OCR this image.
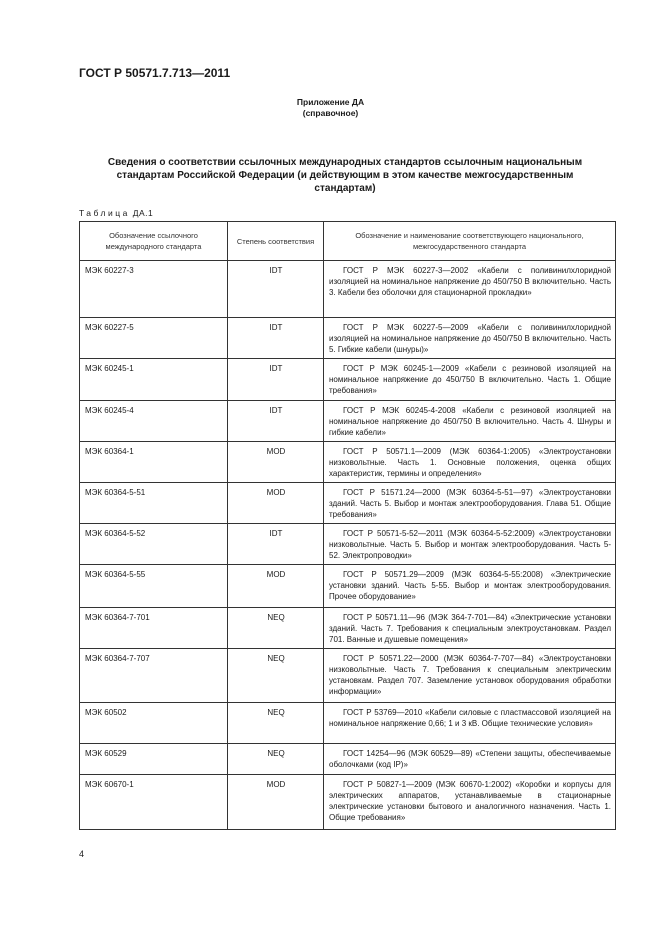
ГОСТ Р 50571.7.713—2011
Приложение ДА
(справочное)
Сведения о соответствии ссылочных международных стандартов ссылочным национальным стандартам Российской Федерации (и действующим в этом качестве межгосударственным стандартам)
Таблица ДА.1
Обозначение ссылочного международного стандарта	Степень соответствия	Обозначение и наименование соответствующего национального, межгосударственного стандарта
МЭК 60227-3	IDT	ГОСТ Р МЭК 60227-3—2002 «Кабели с поливинилхлоридной изоляцией на номинальное напряжение до 450/750 В включительно. Часть 3. Кабели без оболочки для стационарной прокладки»
МЭК 60227-5	IDT	ГОСТ Р МЭК 60227-5—2009 «Кабели с поливинилхлоридной изоляцией на номинальное напряжение до 450/750 В включительно. Часть 5. Гибкие кабели (шнуры)»
МЭК 60245-1	IDT	ГОСТ Р МЭК 60245-1—2009 «Кабели с резиновой изоляцией на номинальное напряжение до 450/750 В включительно. Часть 1. Общие требования»
МЭК 60245-4	IDT	ГОСТ Р МЭК 60245-4-2008 «Кабели с резиновой изоляцией на номинальное напряжение до 450/750 В включительно. Часть 4. Шнуры и гибкие кабели»
МЭК 60364-1	MOD	ГОСТ Р 50571.1—2009 (МЭК 60364-1:2005) «Электроустановки низковольтные. Часть 1. Основные положения, оценка общих характеристик, термины и определения»
МЭК 60364-5-51	MOD	ГОСТ Р 51571.24—2000 (МЭК 60364-5-51—97) «Электроустановки зданий. Часть 5. Выбор и монтаж электрооборудования. Глава 51. Общие требования»
МЭК 60364-5-52	IDT	ГОСТ Р 50571-5-52—2011 (МЭК 60364-5-52:2009) «Электроустановки низковольтные. Часть 5. Выбор и монтаж электрооборудования. Часть 5-52. Электропроводки»
МЭК 60364-5-55	MOD	ГОСТ Р 50571.29—2009 (МЭК 60364-5-55:2008) «Электрические установки зданий. Часть 5-55. Выбор и монтаж электрооборудования. Прочее оборудование»
МЭК 60364-7-701	NEQ	ГОСТ Р 50571.11—96 (МЭК 364-7-701—84) «Электрические установки зданий. Часть 7. Требования к специальным электроустановкам. Раздел 701. Ванные и душевые помещения»
МЭК 60364-7-707	NEQ	ГОСТ Р 50571.22—2000 (МЭК 60364-7-707—84) «Электроустановки низковольтные. Часть 7. Требования к специальным электрическим установкам. Раздел 707. Заземление установок оборудования обработки информации»
МЭК 60502	NEQ	ГОСТ Р 53769—2010 «Кабели силовые с пластмассовой изоляцией на номинальное напряжение 0,66; 1 и 3 кВ. Общие технические условия»
МЭК 60529	NEQ	ГОСТ 14254—96 (МЭК 60529—89) «Степени защиты, обеспечиваемые оболочками (код IP)»
МЭК 60670-1	MOD	ГОСТ Р 50827-1—2009 (МЭК 60670-1:2002) «Коробки и корпусы для электрических аппаратов, устанавливаемые в стационарные электрические установки бытового и аналогичного назначения. Часть 1. Общие требования»
4
